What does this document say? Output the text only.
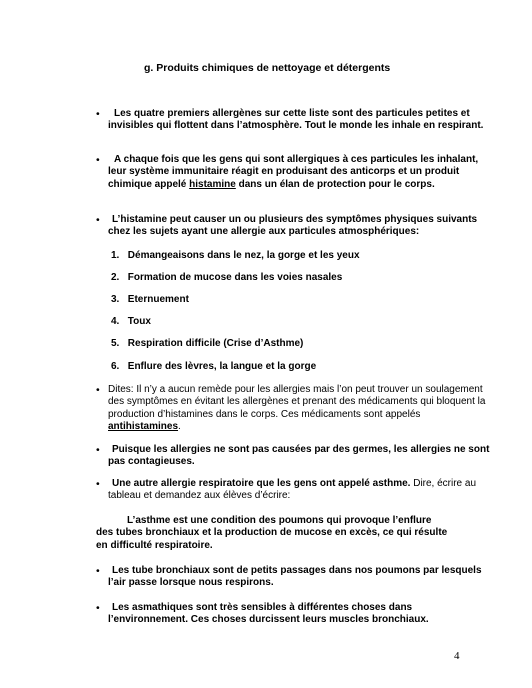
g. Produits chimiques de nettoyage et détergents
•	Les quatre premiers allergènes sur cette liste sont des particules petites et invisibles qui flottent dans l’atmosphère. Tout le monde les inhale en respirant.
•	A chaque fois que les gens qui sont allergiques à ces particules les inhalant, leur système immunitaire réagit en produisant des anticorps et un produit chimique appelé histamine dans un élan de protection pour le corps.
•	L’histamine peut causer un ou plusieurs des symptômes physiques suivants chez les sujets ayant une allergie aux particules atmosphériques:
1. Démangeaisons dans le nez, la gorge et les yeux
2. Formation de mucose dans les voies nasales
3. Eternuement
4. Toux
5. Respiration difficile (Crise d’Asthme)
6. Enflure des lèvres, la langue et la gorge
• Dites: Il n’y a aucun remède pour les allergies mais l’on peut trouver un soulagement des symptômes en évitant les allergènes et prenant des médicaments qui bloquent la production d’histamines dans le corps. Ces médicaments sont appelés antihistamines.
•	Puisque les allergies ne sont pas causées par des germes, les allergies ne sont pas contagieuses.
•	Une autre allergie respiratoire que les gens ont appelé asthme. Dire, écrire au tableau et demandez aux élèves d’écrire:
L’asthme est une condition des poumons qui provoque l’enflure
des tubes bronchiaux et la production de mucose en excès, ce qui résulte
en difficulté respiratoire.
•	Les tube bronchiaux sont de petits passages dans nos poumons par lesquels l’air passe lorsque nous respirons.
•	Les asmathiques sont très sensibles à différentes choses dans l’environnement. Ces choses durcissent leurs muscles bronchiaux.
4
